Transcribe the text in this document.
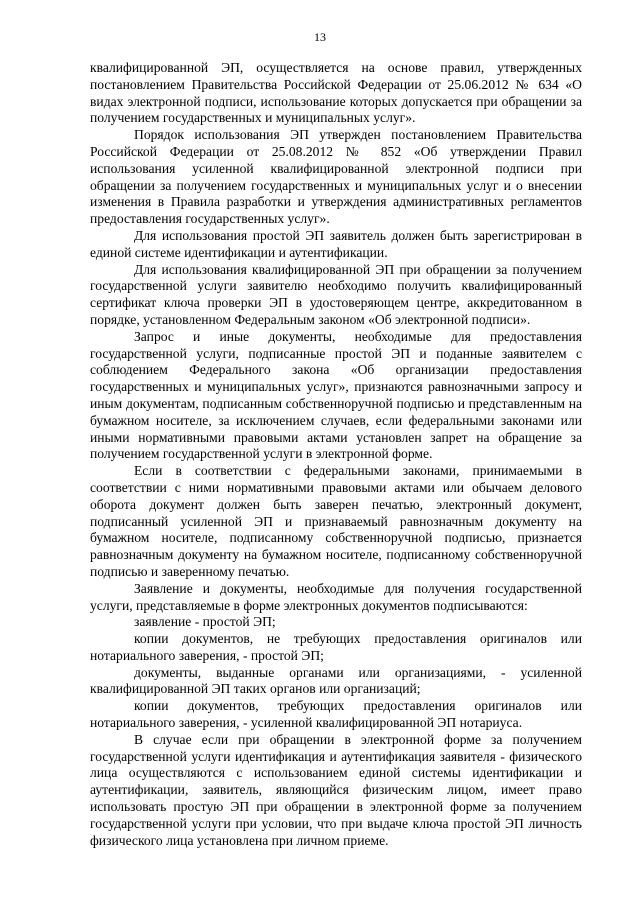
13

квалифицированной ЭП, осуществляется на основе правил, утвержденных постановлением Правительства Российской Федерации от 25.06.2012 № 634 «О видах электронной подписи, использование которых допускается при обращении за получением государственных и муниципальных услуг».

Порядок использования ЭП утвержден постановлением Правительства Российской Федерации от 25.08.2012 № 852 «Об утверждении Правил использования усиленной квалифицированной электронной подписи при обращении за получением государственных и муниципальных услуг и о внесении изменения в Правила разработки и утверждения административных регламентов предоставления государственных услуг».

Для использования простой ЭП заявитель должен быть зарегистрирован в единой системе идентификации и аутентификации.

Для использования квалифицированной ЭП при обращении за получением государственной услуги заявителю необходимо получить квалифицированный сертификат ключа проверки ЭП в удостоверяющем центре, аккредитованном в порядке, установленном Федеральным законом «Об электронной подписи».

Запрос и иные документы, необходимые для предоставления государственной услуги, подписанные простой ЭП и поданные заявителем с соблюдением Федерального закона «Об организации предоставления государственных и муниципальных услуг», признаются равнозначными запросу и иным документам, подписанным собственноручной подписью и представленным на бумажном носителе, за исключением случаев, если федеральными законами или иными нормативными правовыми актами установлен запрет на обращение за получением государственной услуги в электронной форме.

Если в соответствии с федеральными законами, принимаемыми в соответствии с ними нормативными правовыми актами или обычаем делового оборота документ должен быть заверен печатью, электронный документ, подписанный усиленной ЭП и признаваемый равнозначным документу на бумажном носителе, подписанному собственноручной подписью, признается равнозначным документу на бумажном носителе, подписанному собственноручной подписью и заверенному печатью.

Заявление и документы, необходимые для получения государственной услуги, представляемые в форме электронных документов подписываются:

заявление - простой ЭП;

копии документов, не требующих предоставления оригиналов или нотариального заверения, - простой ЭП;

документы, выданные органами или организациями, - усиленной квалифицированной ЭП таких органов или организаций;

копии документов, требующих предоставления оригиналов или нотариального заверения, - усиленной квалифицированной ЭП нотариуса.

В случае если при обращении в электронной форме за получением государственной услуги идентификация и аутентификация заявителя - физического лица осуществляются с использованием единой системы идентификации и аутентификации, заявитель, являющийся физическим лицом, имеет право использовать простую ЭП при обращении в электронной форме за получением государственной услуги при условии, что при выдаче ключа простой ЭП личность физического лица установлена при личном приеме.
